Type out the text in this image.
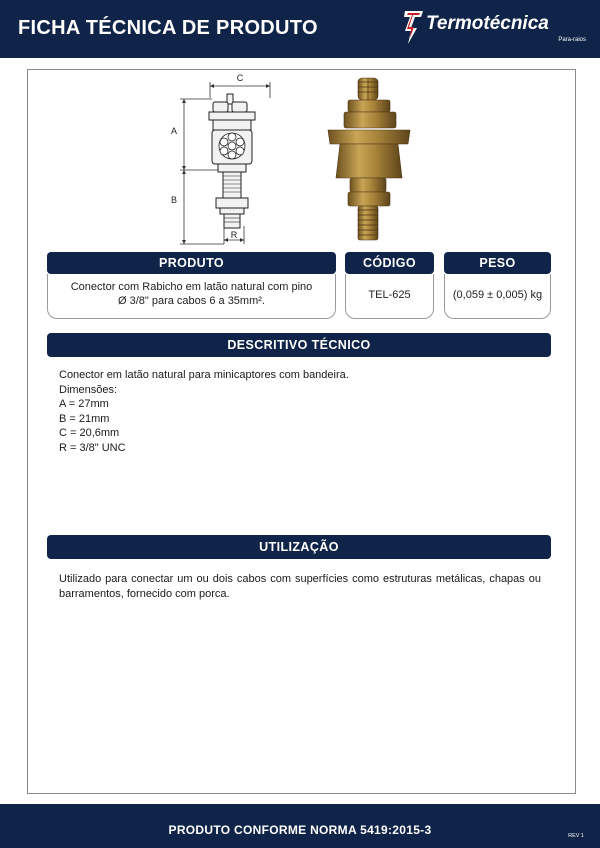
FICHA TÉCNICA DE PRODUTO	Termotécnica
Para-raios
C
A
B
R
PRODUTO	CÓDIGO	PESO
Conector com Rabicho em latão natural com pino
Ø 3/8" para cabos 6 a 35mm².	TEL-625	(0,059 ± 0,005) kg
DESCRITIVO TÉCNICO
Conector em latão natural para minicaptores com bandeira.
Dimensões:
A = 27mm
B = 21mm
C = 20,6mm
R = 3/8" UNC
UTILIZAÇÃO
Utilizado para conectar um ou dois cabos com superfícies como estruturas metálicas, chapas ou barramentos, fornecido com porca.
PRODUTO CONFORME NORMA 5419:2015-3	REV 1
